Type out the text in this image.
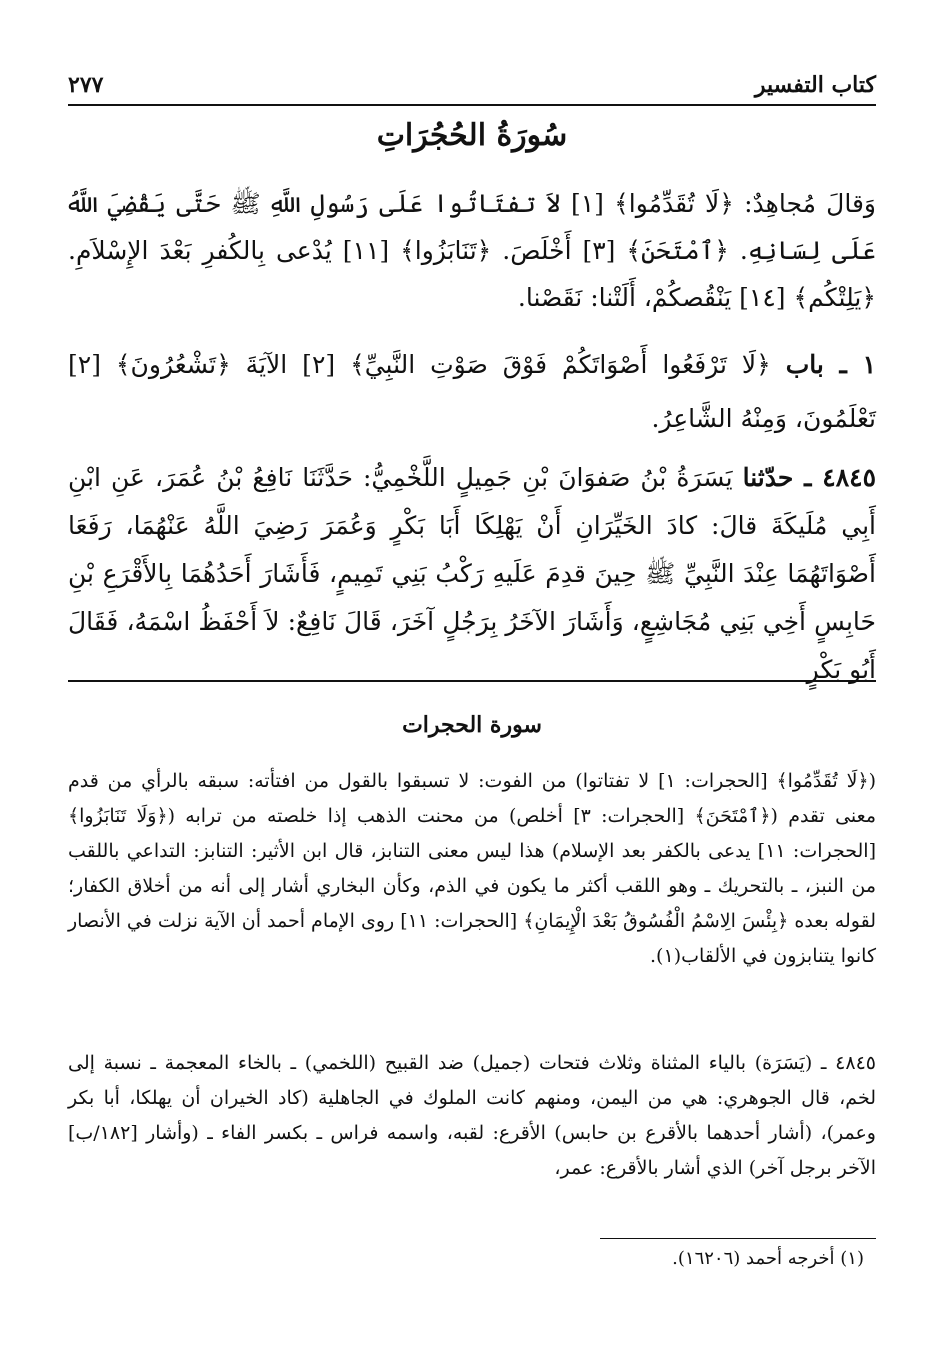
كتاب التفسير
٢٧٧
سُورَةُ الحُجُرَاتِ
وَقالَ مُجاهِدٌ: ﴿لَا تُقَدِّمُوا﴾ [١] لاَ تفتَاتُوا عَلَى رَسُولِ اللَّهِ ﷺ حَتَّى يَقْضِيَ اللَّهُ عَلَى لِسَانِهِ. ﴿ٱمْتَحَنَ﴾ [٣] أَخْلَصَ. ﴿تَنَابَزُوا﴾ [١١] يُدْعى بِالكُفرِ بَعْدَ الإِسْلاَمِ. ﴿يَلِتْكُم﴾ [١٤] يَنْقُصكُمْ، أَلَتْنا: نَقَصْنا.
١ ـ باب ﴿لَا تَرْفَعُوا أَصْوَاتَكُمْ فَوْقَ صَوْتِ النَّبِيِّ﴾ [٢] الآيَةَ ﴿تَشْعُرُونَ﴾ [٢] تَعْلَمُونَ، وَمِنْهُ الشَّاعِرُ.
٤٨٤٥ ـ حدّثنا يَسَرَةُ بْنُ صَفوَانَ بْنِ جَمِيلٍ اللَّخْمِيُّ: حَدَّثَنَا نَافِعُ بْنُ عُمَرَ، عَنِ ابْنِ أَبِي مُلَيكَةَ قالَ: كادَ الخَيِّرَانِ أَنْ يَهْلِكَا أَبَا بَكْرٍ وَعُمَرَ رَضِيَ اللَّهُ عَنْهُمَا، رَفَعَا أَصْوَاتَهُمَا عِنْدَ النَّبِيِّ ﷺ حِينَ قدِمَ عَلَيهِ رَكْبُ بَنِي تَمِيمٍ، فَأَشَارَ أَحَدُهُمَا بِالأَقْرَعِ بْنِ حَابِسٍ أَخِي بَنِي مُجَاشِعٍ، وَأَشَارَ الآخَرُ بِرَجُلٍ آخَرَ، قَالَ نَافِعٌ: لاَ أَحْفَظُ اسْمَهُ، فَقَالَ أَبُو بَكْرٍ
سورة الحجرات
(﴿لَا تُقَدِّمُوا﴾ [الحجرات: ١] لا تفتاتوا) من الفوت: لا تسبقوا بالقول من افتأته: سبقه بالرأي من قدم معنى تقدم (﴿ٱمْتَحَنَ﴾ [الحجرات: ٣] أخلص) من محنت الذهب إذا خلصته من ترابه (﴿وَلَا تَنَابَزُوا﴾ [الحجرات: ١١] يدعى بالكفر بعد الإسلام) هذا ليس معنى التنابز، قال ابن الأثير: التنابز: التداعي باللقب من النبز، ـ بالتحريك ـ وهو اللقب أكثر ما يكون في الذم، وكأن البخاري أشار إلى أنه من أخلاق الكفار؛ لقوله بعده ﴿بِئْسَ الِاسْمُ الْفُسُوقُ بَعْدَ الْإِيمَانِ﴾ [الحجرات: ١١] روى الإمام أحمد أن الآية نزلت في الأنصار كانوا يتنابزون في الألقاب(١).
٤٨٤٥ ـ (يَسَرَة) بالياء المثناة وثلاث فتحات (جميل) ضد القبيح (اللخمي) ـ بالخاء المعجمة ـ نسبة إلى لخم، قال الجوهري: هي من اليمن، ومنهم كانت الملوك في الجاهلية (كاد الخيران أن يهلكا، أبا بكر وعمر)، (أشار أحدهما بالأقرع بن حابس) الأقرع: لقبه، واسمه فراس ـ بكسر الفاء ـ (وأشار [١٨٢/ب] الآخر برجل آخر) الذي أشار بالأقرع: عمر،
(١) أخرجه أحمد (١٦٢٠٦).
